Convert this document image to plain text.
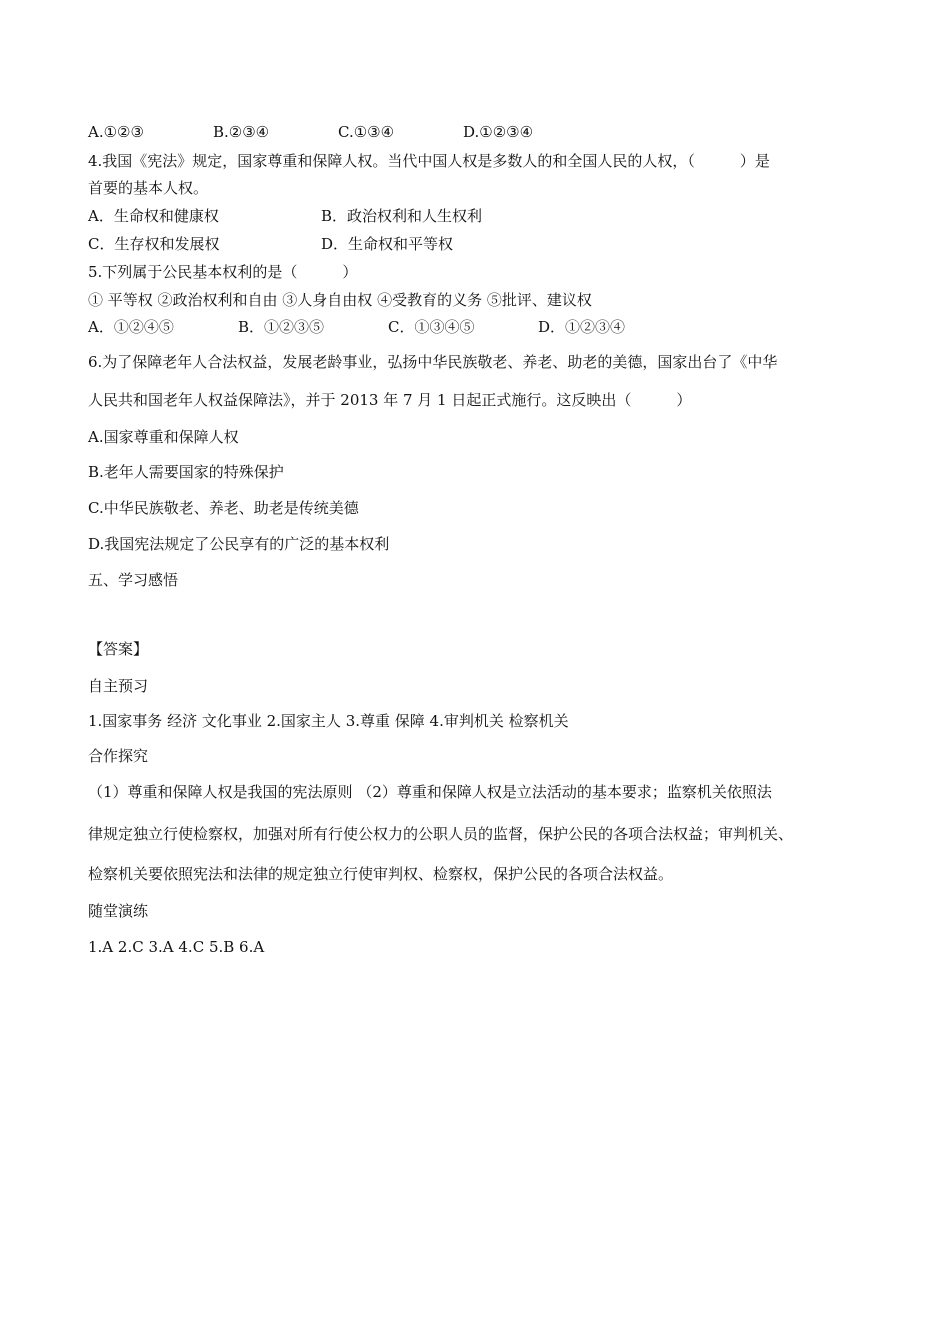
A.①②③	B.②③④	C.①③④	D.①②③④
4.我国《宪法》规定，国家尊重和保障人权。当代中国人权是多数人的和全国人民的人权，（　　　）是
首要的基本人权。
A．生命权和健康权	B．政治权利和人生权利
C．生存权和发展权	D．生命权和平等权
5.下列属于公民基本权利的是（　　　）
① 平等权 ②政治权利和自由 ③人身自由权 ④受教育的义务 ⑤批评、建议权
A．①②④⑤	B．①②③⑤	C．①③④⑤	D．①②③④
6.为了保障老年人合法权益，发展老龄事业，弘扬中华民族敬老、养老、助老的美德，国家出台了《中华
人民共和国老年人权益保障法》，并于 2013 年 7 月 1 日起正式施行。这反映出（　　　）
A.国家尊重和保障人权
B.老年人需要国家的特殊保护
C.中华民族敬老、养老、助老是传统美德
D.我国宪法规定了公民享有的广泛的基本权利
五、学习感悟
【答案】
自主预习
1.国家事务 经济 文化事业 2.国家主人 3.尊重 保障 4.审判机关 检察机关
合作探究
（1）尊重和保障人权是我国的宪法原则 （2）尊重和保障人权是立法活动的基本要求；监察机关依照法
律规定独立行使检察权，加强对所有行使公权力的公职人员的监督，保护公民的各项合法权益；审判机关、
检察机关要依照宪法和法律的规定独立行使审判权、检察权，保护公民的各项合法权益。
随堂演练
1.A 2.C 3.A 4.C 5.B 6.A
